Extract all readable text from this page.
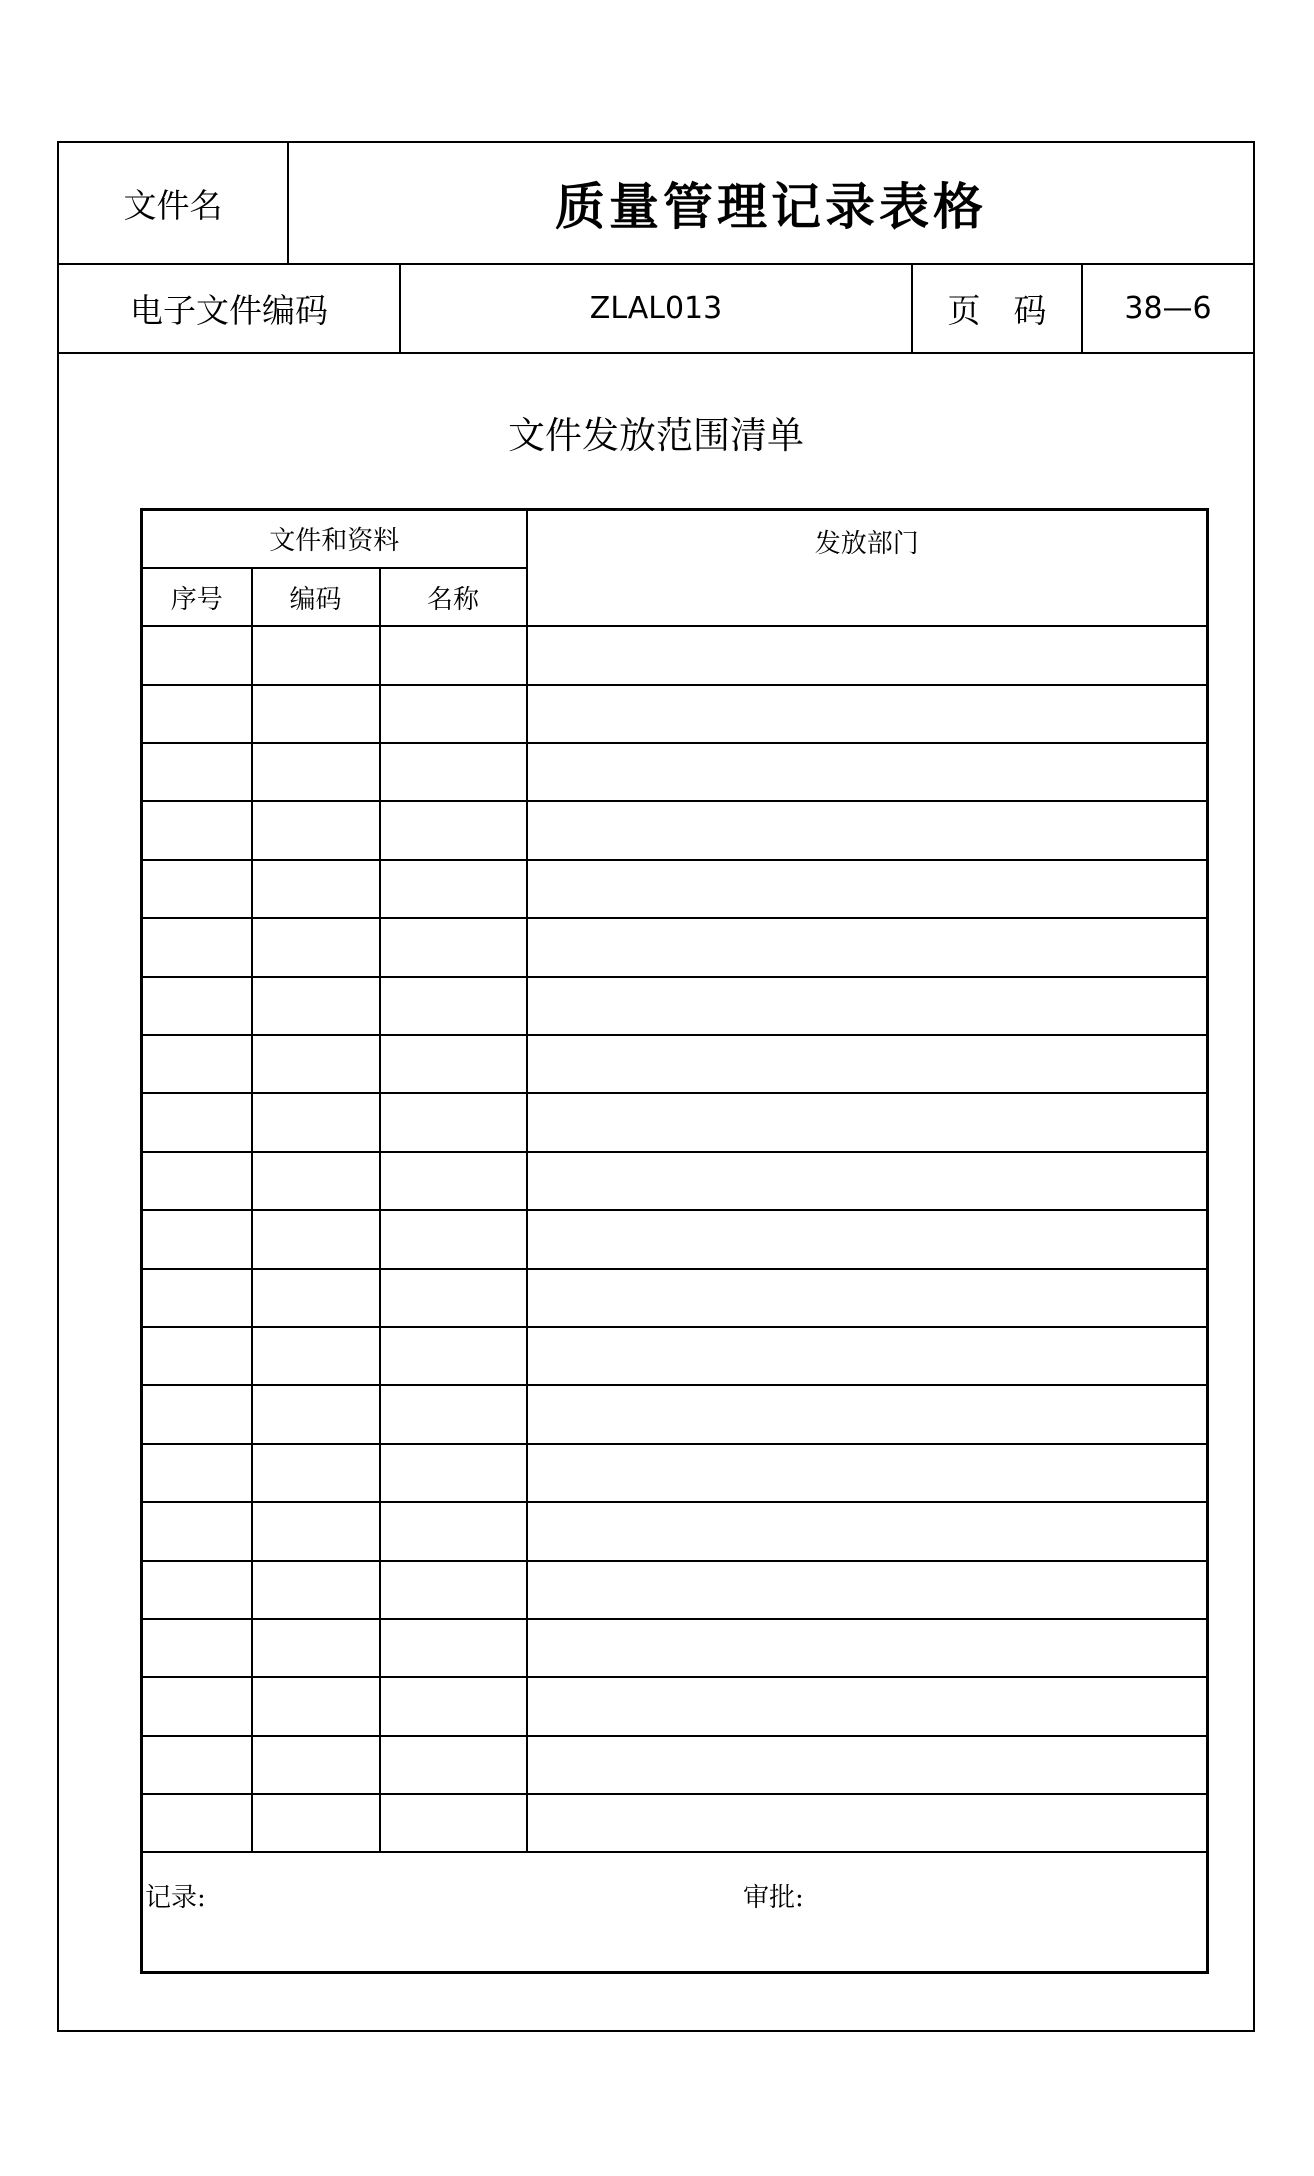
文件名	质量管理记录表格			
电子文件编码		ZLAL013	页　码	38—6
文件发放范围清单
文件和资料			发放部门
序号	编码	名称	

记录: 审批:			
